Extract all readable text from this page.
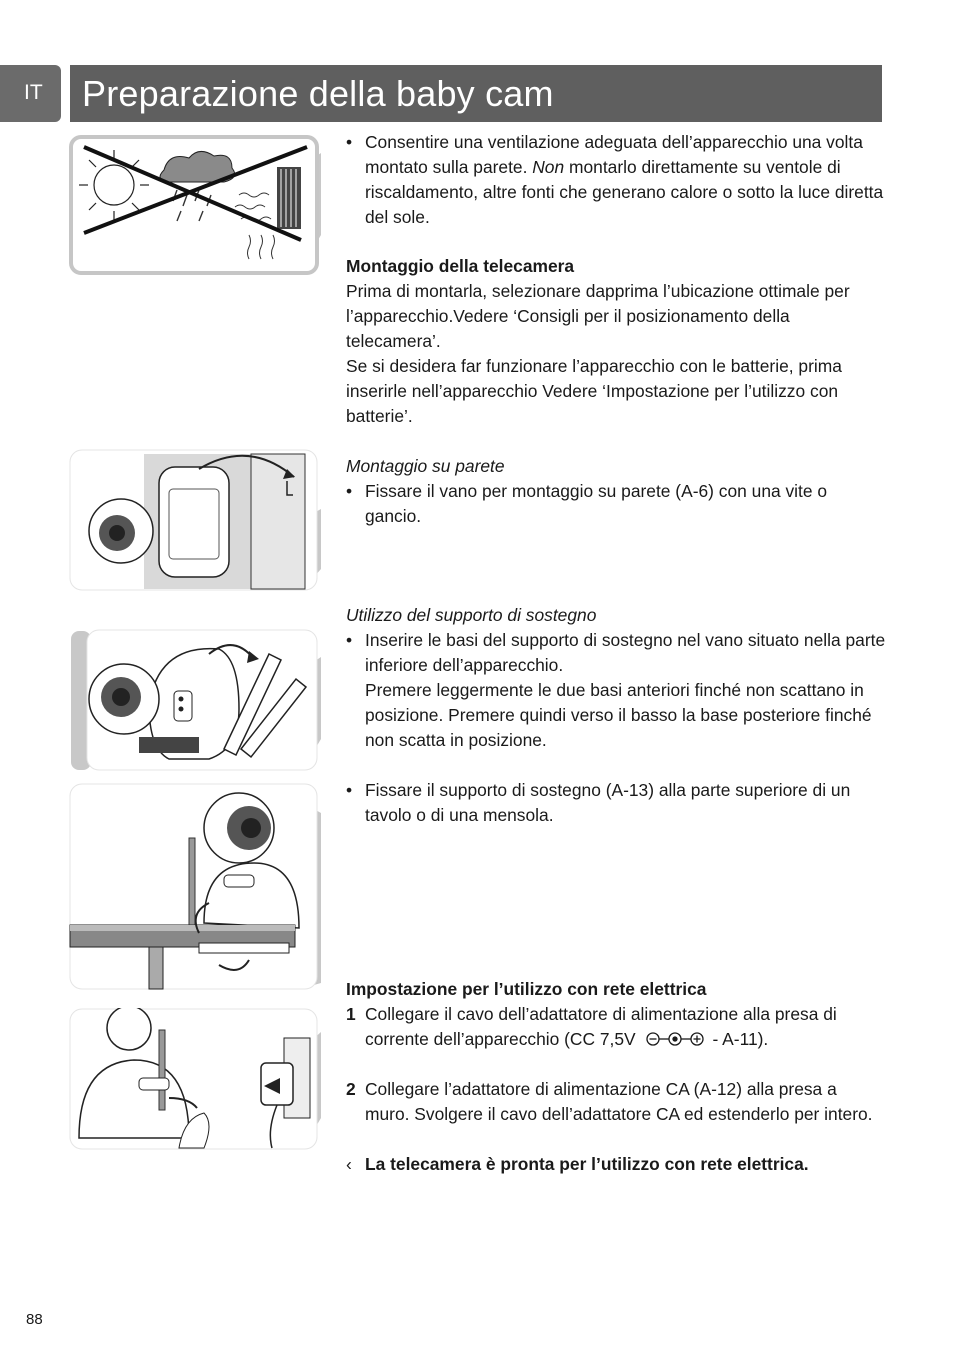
IT Preparazione della baby cam

• Consentire una ventilazione adeguata dell’apparecchio una volta montato sulla parete. Non montarlo direttamente su ventole di riscaldamento, altre fonti che generano calore o sotto la luce diretta del sole.

Montaggio della telecamera

Prima di montarla, selezionare dapprima l’ubicazione ottimale per l’apparecchio.Vedere ‘Consigli per il posizionamento della telecamera’.

Se si desidera far funzionare l’apparecchio con le batterie, prima inserirle nell’apparecchio Vedere ‘Impostazione per l’utilizzo con batterie’.

Montaggio su parete

• Fissare il vano per montaggio su parete (A-6) con una vite o gancio.

Utilizzo del supporto di sostegno

• Inserire le basi del supporto di sostegno nel vano situato nella parte inferiore dell’apparecchio.

Premere leggermente le due basi anteriori finché non scattano in posizione. Premere quindi verso il basso la base posteriore finché non scatta in posizione.

• Fissare il supporto di sostegno (A-13) alla parte superiore di un tavolo o di una mensola.

Impostazione per l’utilizzo con rete elettrica

1 Collegare il cavo dell’adattatore di alimentazione alla presa di corrente dell’apparecchio (CC 7,5V	- A-11).

2 Collegare l’adattatore di alimentazione CA (A-12) alla presa a muro. Svolgere il cavo dell’adattatore CA ed estenderlo per intero.

‹ La telecamera è pronta per l’utilizzo con rete elettrica.

88
